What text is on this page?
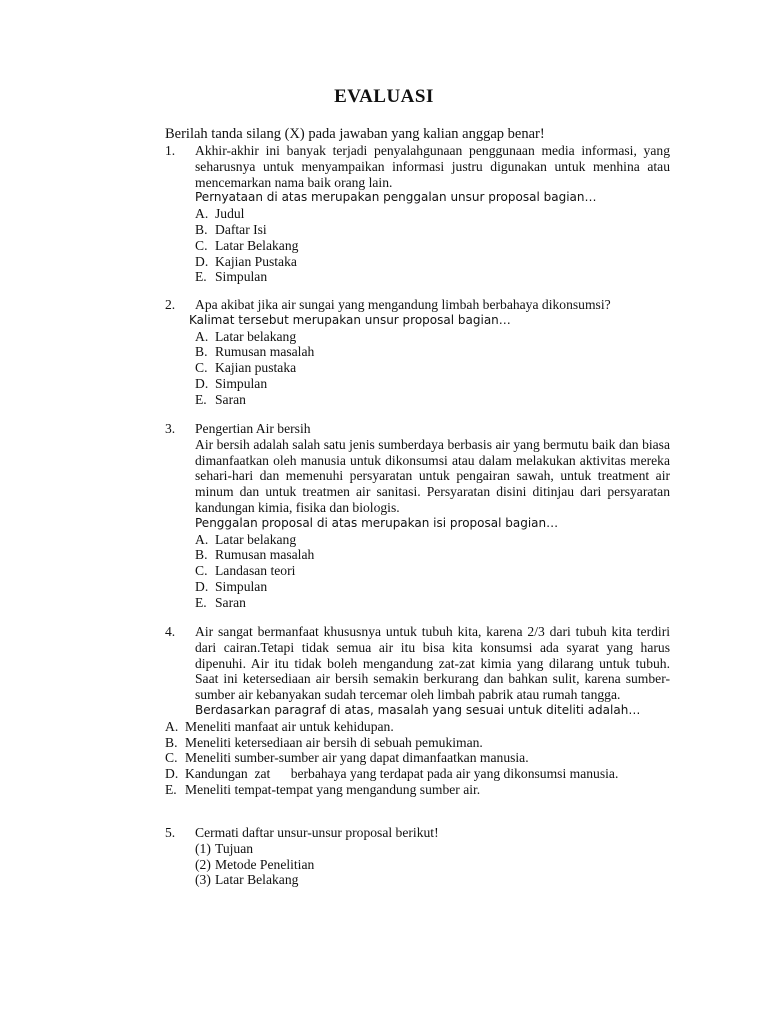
EVALUASI
Berilah tanda silang (X) pada jawaban yang kalian anggap benar!
1.	Akhir-akhir ini banyak terjadi penyalahgunaan penggunaan media informasi, yang seharusnya untuk menyampaikan informasi justru digunakan untuk menhina atau mencemarkan nama baik orang lain.
Pernyataan di atas merupakan penggalan unsur proposal bagian…
A. Judul
B. Daftar Isi
C. Latar Belakang
D. Kajian Pustaka
E. Simpulan
2.	Apa akibat jika air sungai yang mengandung limbah berbahaya dikonsumsi?
Kalimat tersebut merupakan unsur proposal bagian…
A. Latar belakang
B. Rumusan masalah
C. Kajian pustaka
D. Simpulan
E. Saran
3.	Pengertian Air bersih
Air bersih adalah salah satu jenis sumberdaya berbasis air yang bermutu baik dan biasa dimanfaatkan oleh manusia untuk dikonsumsi atau dalam melakukan aktivitas mereka sehari-hari dan memenuhi persyaratan untuk pengairan sawah, untuk treatment air minum dan untuk treatmen air sanitasi. Persyaratan disini ditinjau dari persyaratan kandungan kimia, fisika dan biologis.
Penggalan proposal di atas merupakan isi proposal bagian…
A. Latar belakang
B. Rumusan masalah
C. Landasan teori
D. Simpulan
E. Saran
4.	Air sangat bermanfaat khususnya untuk tubuh kita, karena 2/3 dari tubuh kita terdiri dari cairan.Tetapi tidak semua air itu bisa kita konsumsi ada syarat yang harus dipenuhi. Air itu tidak boleh mengandung zat-zat kimia yang dilarang untuk tubuh. Saat ini ketersediaan air bersih semakin berkurang dan bahkan sulit, karena sumber-sumber air kebanyakan sudah tercemar oleh limbah pabrik atau rumah tangga.
Berdasarkan paragraf di atas, masalah yang sesuai untuk diteliti adalah…
A. Meneliti manfaat air untuk kehidupan.
B. Meneliti ketersediaan air bersih di sebuah pemukiman.
C. Meneliti sumber-sumber air yang dapat dimanfaatkan manusia.
D. Kandungan  zat      berbahaya yang terdapat pada air yang dikonsumsi manusia.
E. Meneliti tempat-tempat yang mengandung sumber air.
5.	Cermati daftar unsur-unsur proposal berikut!
(1) Tujuan
(2) Metode Penelitian
(3) Latar Belakang
